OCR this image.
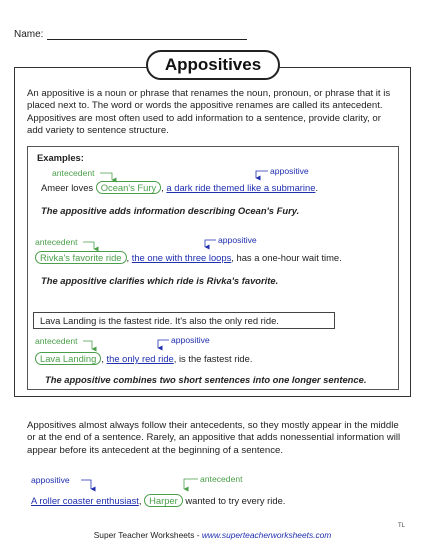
Name:
Appositives
An appositive is a noun or phrase that renames the noun, pronoun, or phrase that it is placed next to. The word or words the appositive renames are called its antecedent. Appositives are most often used to add information to a sentence, provide clarity, or add variety to sentence structure.
Examples:
antecedent	appositive
Ameer loves Ocean's Fury , a dark ride themed like a submarine.
The appositive adds information describing Ocean's Fury.
antecedent	appositive
Rivka's favorite ride , the one with three loops, has a one-hour wait time.
The appositive clarifies which ride is Rivka's favorite.
Lava Landing is the fastest ride. It's also the only red ride.
antecedent	appositive
Lava Landing , the only red ride, is the fastest ride.
The appositive combines two short sentences into one longer sentence.
Appositives almost always follow their antecedents, so they mostly appear in the middle or at the end of a sentence. Rarely, an appositive that adds nonessential information will appear before its antecedent at the beginning of a sentence.
appositive	antecedent
A roller coaster enthusiast, Harper wanted to try every ride.
Super Teacher Worksheets - www.superteacherworksheets.com
TL
